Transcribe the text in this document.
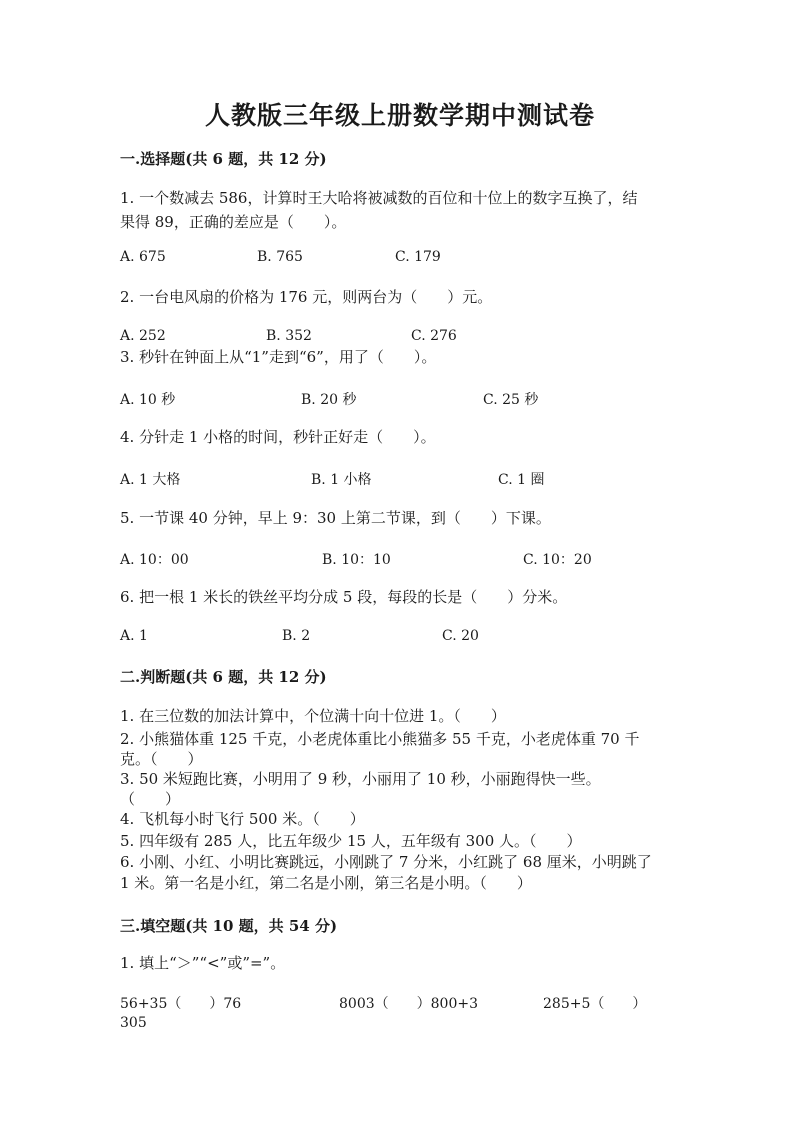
人教版三年级上册数学期中测试卷
一.选择题(共 6 题，共 12 分)
1. 一个数减去 586，计算时王大哈将被减数的百位和十位上的数字互换了，结
果得 89，正确的差应是（　　）。
A. 675	B. 765	C. 179
2. 一台电风扇的价格为 176 元，则两台为（　　）元。
A. 252	B. 352	C. 276
3. 秒针在钟面上从“1”走到“6”，用了（　　）。
A. 10 秒	B. 20 秒	C. 25 秒
4. 分针走 1 小格的时间，秒针正好走（　　）。
A. 1 大格	B. 1 小格	C. 1 圈
5. 一节课 40 分钟，早上 9：30 上第二节课，到（　　）下课。
A. 10：00	B. 10：10	C. 10：20
6. 把一根 1 米长的铁丝平均分成 5 段，每段的长是（　　）分米。
A. 1	B. 2	C. 20
二.判断题(共 6 题，共 12 分)
1. 在三位数的加法计算中，个位满十向十位进 1。（　　）
2. 小熊猫体重 125 千克，小老虎体重比小熊猫多 55 千克，小老虎体重 70 千
克。（　　）
3. 50 米短跑比赛，小明用了 9 秒，小丽用了 10 秒，小丽跑得快一些。
（　　）
4. 飞机每小时飞行 500 米。（　　）
5. 四年级有 285 人，比五年级少 15 人，五年级有 300 人。（　　）
6. 小刚、小红、小明比赛跳远，小刚跳了 7 分米，小红跳了 68 厘米，小明跳了
1 米。第一名是小红，第二名是小刚，第三名是小明。（　　）
三.填空题(共 10 题，共 54 分)
1. 填上“＞”“<”或”=”。
56+35（　　）76	8003（　　）800+3	285+5（　　）
305
